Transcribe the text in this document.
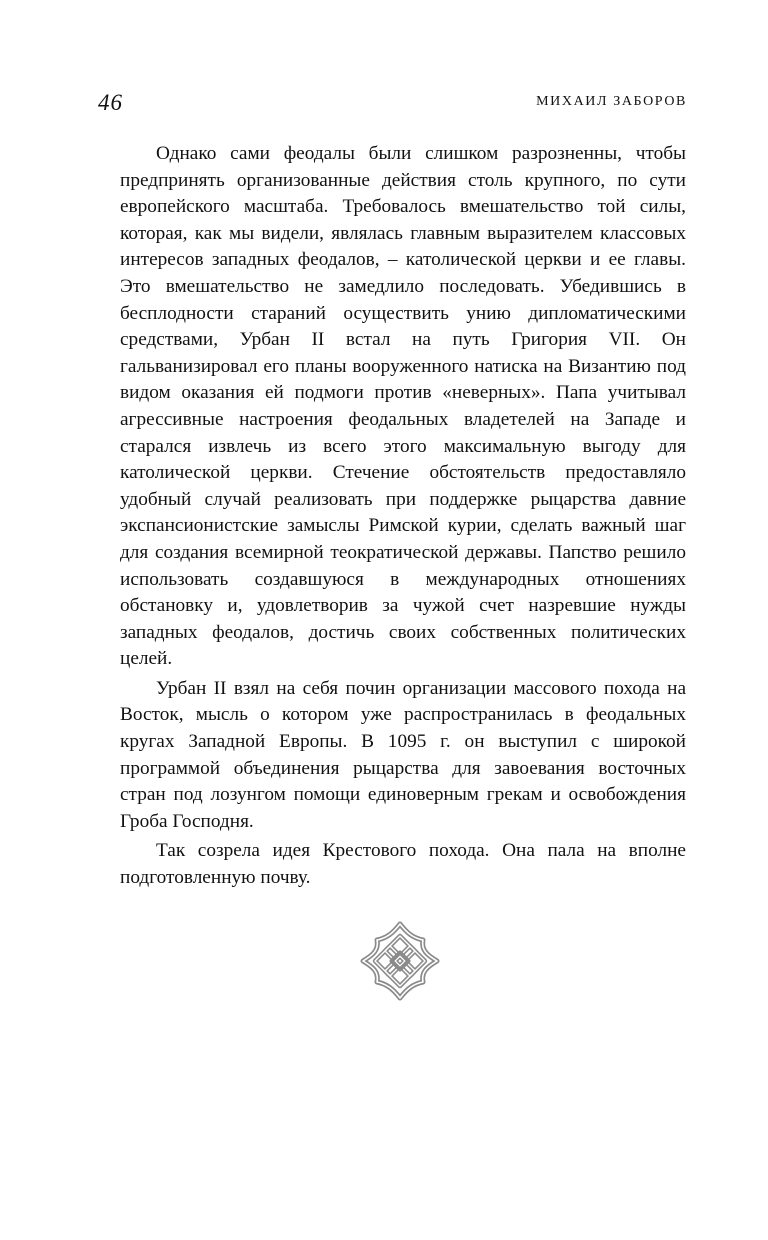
46	МИХАИЛ ЗАБОРОВ

Однако сами феодалы были слишком разрозненны, чтобы предпринять организованные действия столь крупного, по сути европейского масштаба. Требовалось вмешательство той силы, которая, как мы видели, являлась главным выразителем классовых интересов западных феодалов, – католической церкви и ее главы. Это вмешательство не замедлило последовать. Убедившись в бесплодности стараний осуществить унию дипломатическими средствами, Урбан II встал на путь Григория VII. Он гальванизировал его планы вооруженного натиска на Византию под видом оказания ей подмоги против «неверных». Папа учитывал агрессивные настроения феодальных владетелей на Западе и старался извлечь из всего этого максимальную выгоду для католической церкви. Стечение обстоятельств предоставляло удобный случай реализовать при поддержке рыцарства давние экспансионистские замыслы Римской курии, сделать важный шаг для создания всемирной теократической державы. Папство решило использовать создавшуюся в международных отношениях обстановку и, удовлетворив за чужой счет назревшие нужды западных феодалов, достичь своих собственных политических целей.

Урбан II взял на себя почин организации массового похода на Восток, мысль о котором уже распространилась в феодальных кругах Западной Европы. В 1095 г. он выступил с широкой программой объединения рыцарства для завоевания восточных стран под лозунгом помощи единоверным грекам и освобождения Гроба Господня.

Так созрела идея Крестового похода. Она пала на вполне подготовленную почву.
